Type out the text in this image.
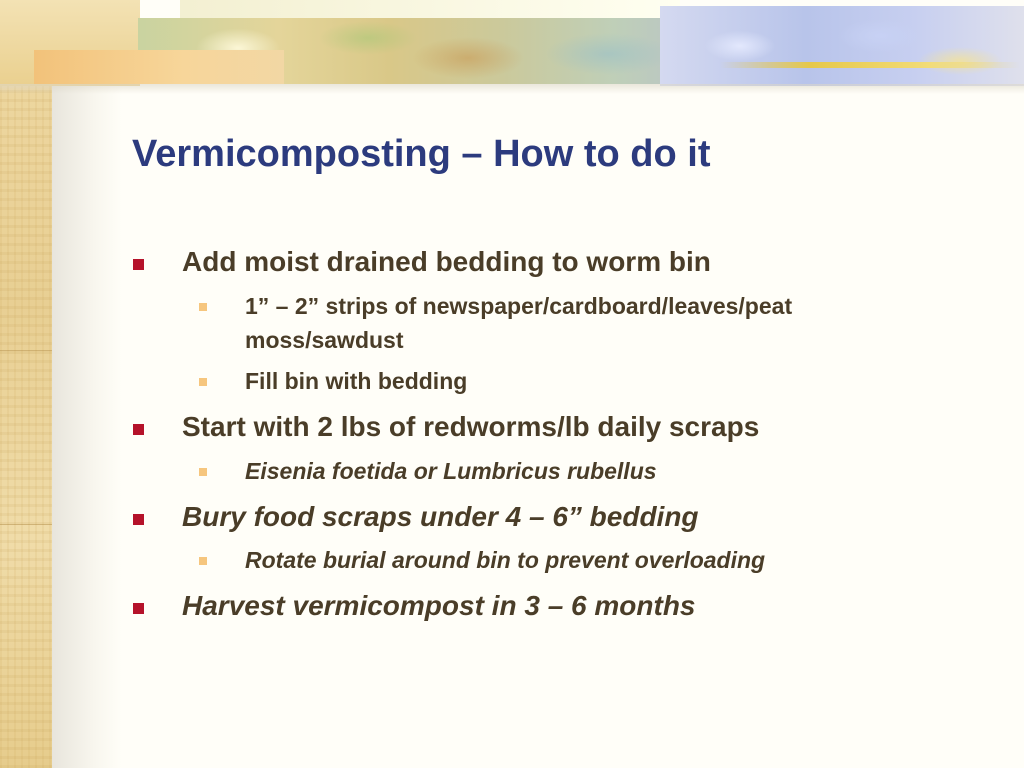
Vermicomposting – How to do it
Add moist drained bedding to worm bin
1” – 2” strips of newspaper/cardboard/leaves/peat
moss/sawdust
Fill bin with bedding
Start with 2 lbs of redworms/lb daily scraps
Eisenia foetida or Lumbricus rubellus
Bury food scraps under 4 – 6” bedding
Rotate burial around bin to prevent overloading
Harvest vermicompost in 3 – 6 months
